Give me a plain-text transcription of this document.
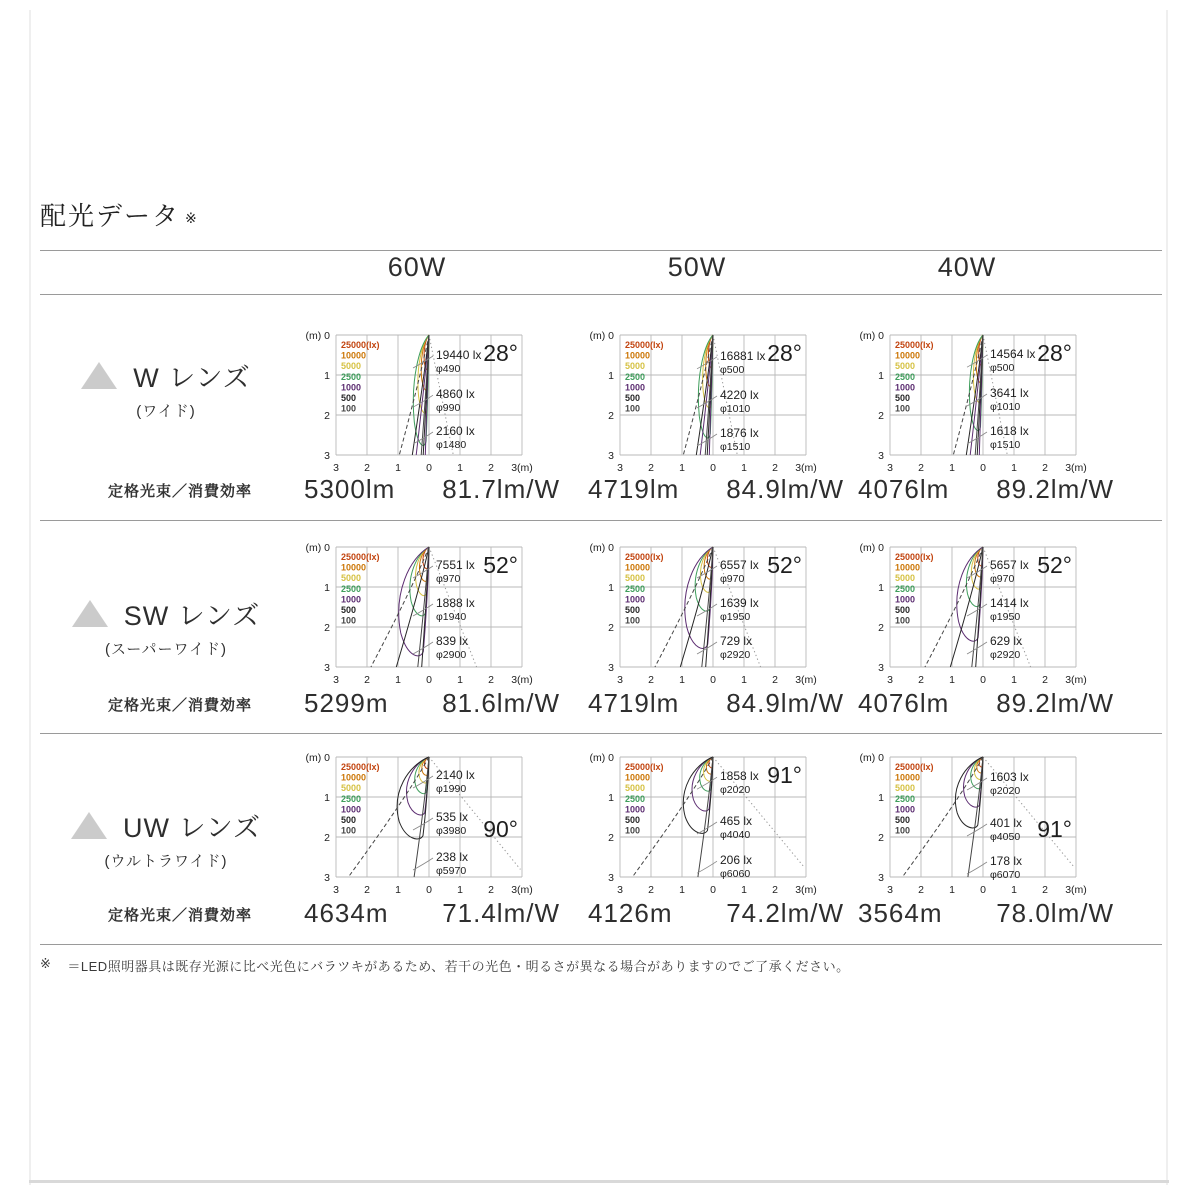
配光データ ※
60W	50W	40W
W レンズ
(ワイド)
定格光束／消費効率
25000(lx)
10000
5000
2500
1000
500
100
28°
19440 lx
φ490
4860 lx
φ990
2160 lx
φ1480
(m) 0
1
2
3
3 2 1 0 1 2 3(m)
25000(lx)
10000
5000
2500
1000
500
100
28°
16881 lx
φ500
4220 lx
φ1010
1876 lx
φ1510
(m) 0
1
2
3
3 2 1 0 1 2 3(m)
25000(lx)
10000
5000
2500
1000
500
100
28°
14564 lx
φ500
3641 lx
φ1010
1618 lx
φ1510
(m) 0
1
2
3
3 2 1 0 1 2 3(m)
5300lm 81.7lm/W 4719lm 84.9lm/W 4076lm 89.2lm/W
SW レンズ
(スーパーワイド)
定格光束／消費効率
25000(lx)
10000
5000
2500
1000
500
100
52°
7551 lx
φ970
1888 lx
φ1940
839 lx
φ2900
(m) 0
1
2
3
3 2 1 0 1 2 3(m)
25000(lx)
10000
5000
2500
1000
500
100
52°
6557 lx
φ970
1639 lx
φ1950
729 lx
φ2920
(m) 0
1
2
3
3 2 1 0 1 2 3(m)
25000(lx)
10000
5000
2500
1000
500
100
52°
5657 lx
φ970
1414 lx
φ1950
629 lx
φ2920
(m) 0
1
2
3
3 2 1 0 1 2 3(m)
5299m 81.6lm/W 4719lm 84.9lm/W 4076lm 89.2lm/W
UW レンズ
(ウルトラワイド)
定格光束／消費効率
25000(lx)
10000
5000
2500
1000
500
100	90°
2140 lx
φ1990
535 lx
φ3980
238 lx
φ5970
(m) 0
1
2
3
3 2 1 0 1 2 3(m)
25000(lx)
10000
5000
2500
1000
500
100
91°
1858 lx
φ2020
465 lx
φ4040
206 lx
φ6060
(m) 0
1
2
3
3 2 1 0 1 2 3(m)
25000(lx)
10000
5000
2500
1000
500
100	91°
1603 lx
φ2020
401 lx
φ4050
178 lx
φ6070
(m) 0
1
2
3
3 2 1 0 1 2 3(m)
4634m 71.4lm/W 4126m 74.2lm/W 3564m 78.0lm/W
※ ＝LED照明器具は既存光源に比べ光色にバラツキがあるため、若干の光色・明るさが異なる場合がありますのでご了承ください。
